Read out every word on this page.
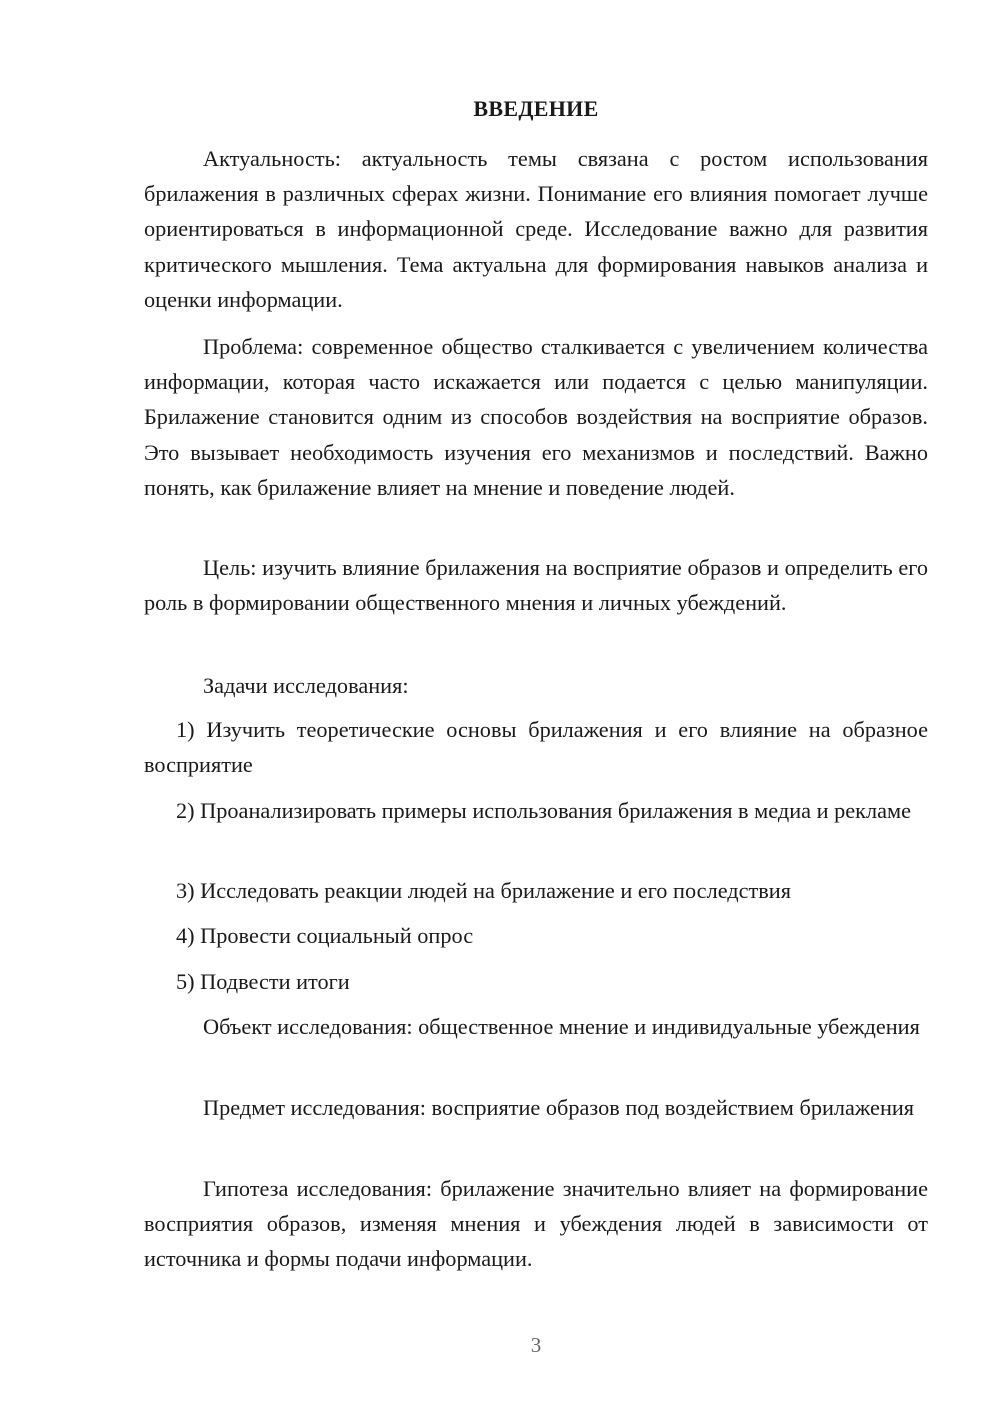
ВВЕДЕНИЕ

Актуальность: актуальность темы связана с ростом использования брилажения в различных сферах жизни. Понимание его влияния помогает лучше ориентироваться в информационной среде. Исследование важно для развития критического мышления. Тема актуальна для формирования навыков анализа и оценки информации.

Проблема: современное общество сталкивается с увеличением количества информации, которая часто искажается или подается с целью манипуляции. Брилажение становится одним из способов воздействия на восприятие образов. Это вызывает необходимость изучения его механизмов и последствий. Важно понять, как брилажение влияет на мнение и поведение людей.

Цель: изучить влияние брилажения на восприятие образов и определить его роль в формировании общественного мнения и личных убеждений.

Задачи исследования:

1) Изучить теоретические основы брилажения и его влияние на образное восприятие

2) Проанализировать примеры использования брилажения в медиа и рекламе

3) Исследовать реакции людей на брилажение и его последствия

4) Провести социальный опрос

5) Подвести итоги

Объект исследования: общественное мнение и индивидуальные убеждения

Предмет исследования: восприятие образов под воздействием брилажения

Гипотеза исследования: брилажение значительно влияет на формирование восприятия образов, изменяя мнения и убеждения людей в зависимости от источника и формы подачи информации.

3
